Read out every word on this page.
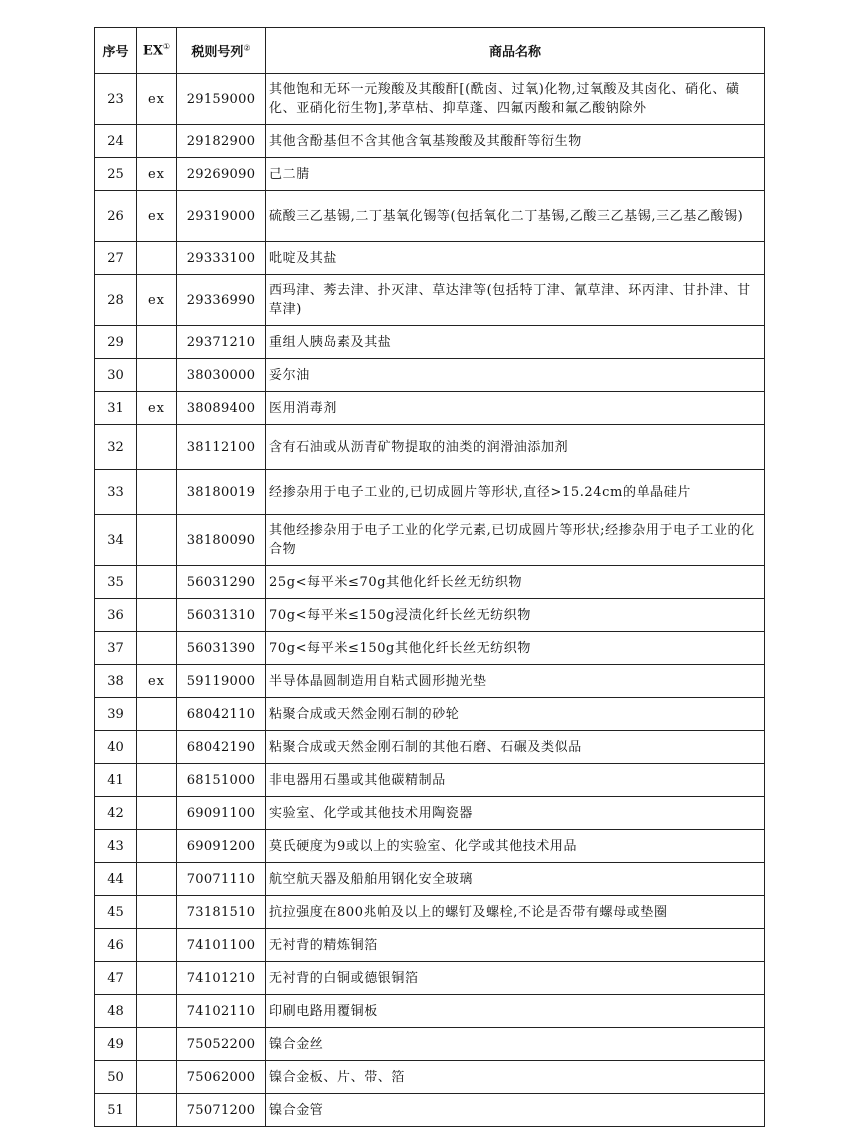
序号	EX①	税则号列②	商品名称
23	ex	29159000	其他饱和无环一元羧酸及其酸酐[(酰卤、过氧)化物,过氧酸及其卤化、硝化、磺化、亚硝化衍生物],茅草枯、抑草蓬、四氟丙酸和氟乙酸钠除外
24		29182900	其他含酚基但不含其他含氧基羧酸及其酸酐等衍生物
25	ex	29269090	己二腈
26	ex	29319000	硫酸三乙基锡,二丁基氧化锡等(包括氧化二丁基锡,乙酸三乙基锡,三乙基乙酸锡)
27		29333100	吡啶及其盐
28	ex	29336990	西玛津、莠去津、扑灭津、草达津等(包括特丁津、氰草津、环丙津、甘扑津、甘草津)
29		29371210	重组人胰岛素及其盐
30		38030000	妥尔油
31	ex	38089400	医用消毒剂
32		38112100	含有石油或从沥青矿物提取的油类的润滑油添加剂
33		38180019	经掺杂用于电子工业的,已切成圆片等形状,直径>15.24cm的单晶硅片
34		38180090	其他经掺杂用于电子工业的化学元素,已切成圆片等形状;经掺杂用于电子工业的化合物
35		56031290	25g<每平米≤70g其他化纤长丝无纺织物
36		56031310	70g<每平米≤150g浸渍化纤长丝无纺织物
37		56031390	70g<每平米≤150g其他化纤长丝无纺织物
38	ex	59119000	半导体晶圆制造用自粘式圆形抛光垫
39		68042110	粘聚合成或天然金刚石制的砂轮
40		68042190	粘聚合成或天然金刚石制的其他石磨、石碾及类似品
41		68151000	非电器用石墨或其他碳精制品
42		69091100	实验室、化学或其他技术用陶瓷器
43		69091200	莫氏硬度为9或以上的实验室、化学或其他技术用品
44		70071110	航空航天器及船舶用钢化安全玻璃
45		73181510	抗拉强度在800兆帕及以上的螺钉及螺栓,不论是否带有螺母或垫圈
46		74101100	无衬背的精炼铜箔
47		74101210	无衬背的白铜或德银铜箔
48		74102110	印刷电路用覆铜板
49		75052200	镍合金丝
50		75062000	镍合金板、片、带、箔
51		75071200	镍合金管
